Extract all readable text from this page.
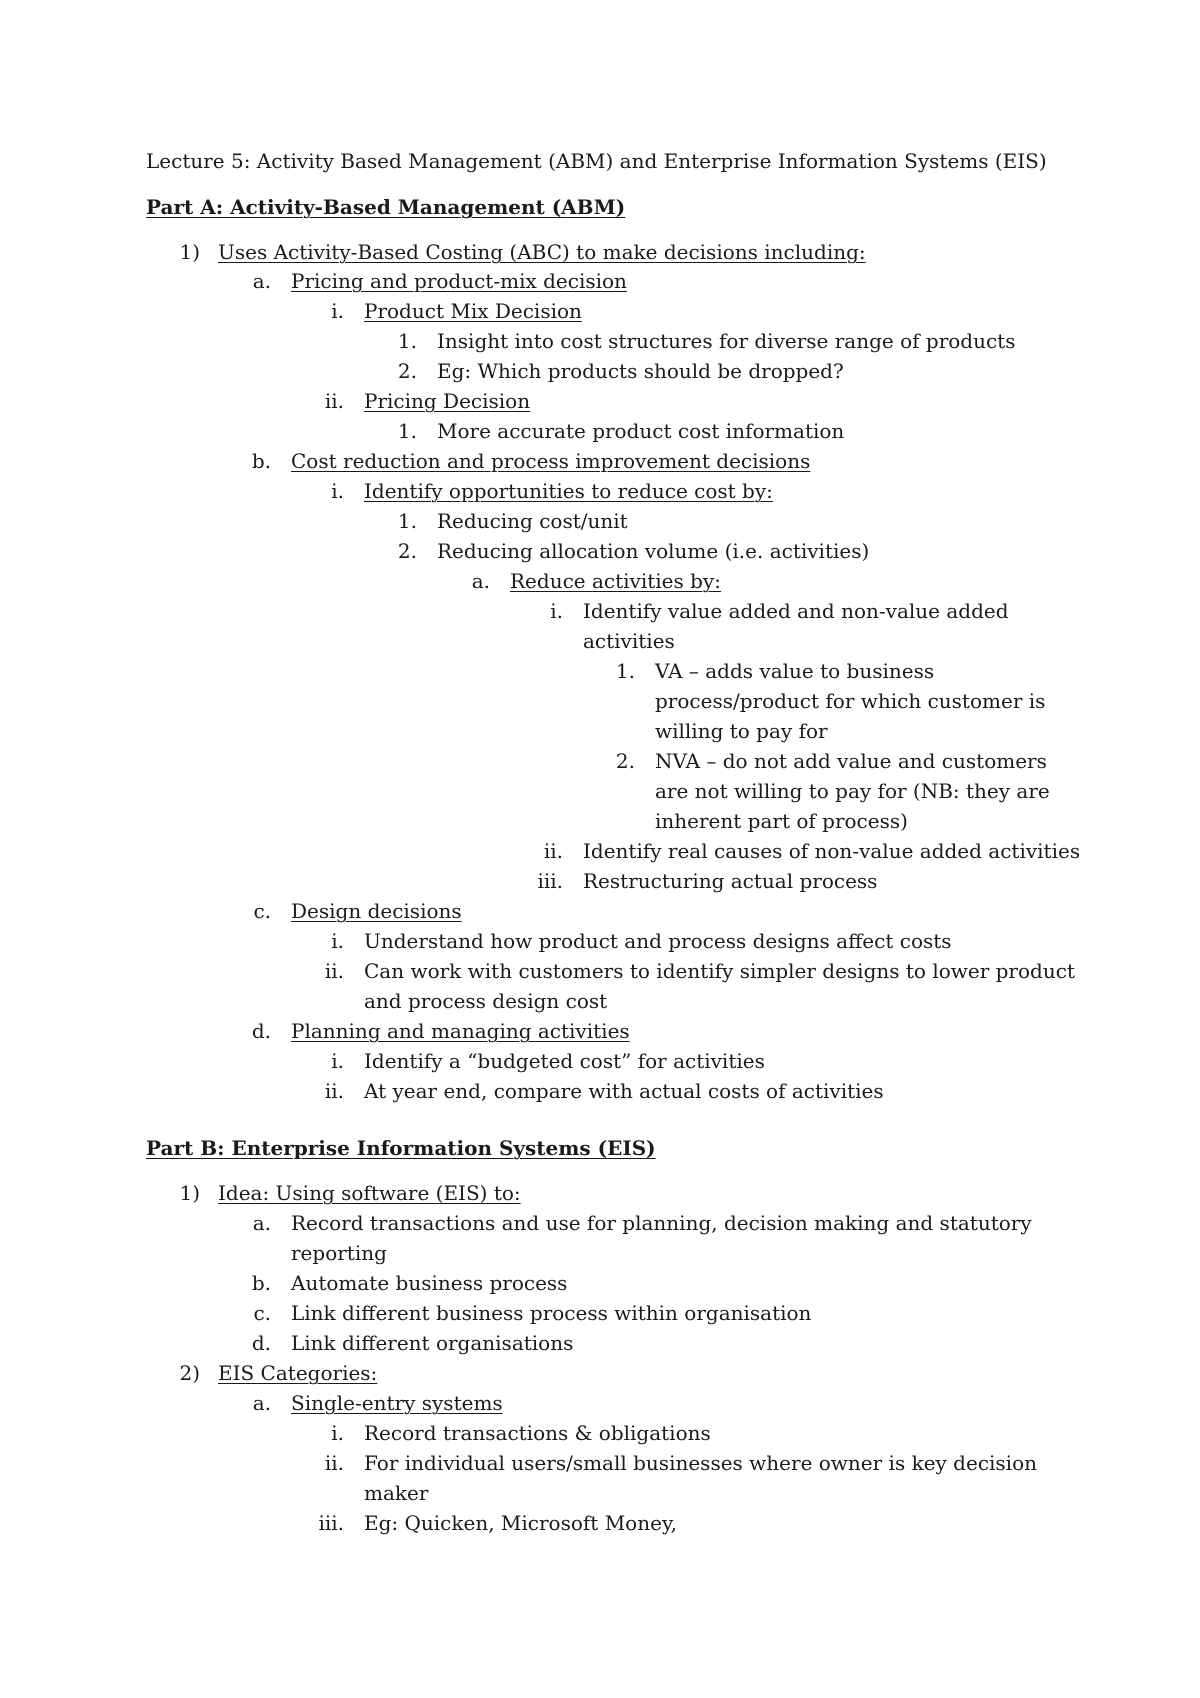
Lecture 5: Activity Based Management (ABM) and Enterprise Information Systems (EIS)
Part A: Activity-Based Management (ABM)
1) Uses Activity-Based Costing (ABC) to make decisions including:
a. Pricing and product-mix decision
i. Product Mix Decision
1. Insight into cost structures for diverse range of products
2. Eg: Which products should be dropped?
ii. Pricing Decision
1. More accurate product cost information
b. Cost reduction and process improvement decisions
i. Identify opportunities to reduce cost by:
1. Reducing cost/unit
2. Reducing allocation volume (i.e. activities)
a. Reduce activities by:
i. Identify value added and non-value added
activities
1. VA – adds value to business
process/product for which customer is
willing to pay for
2. NVA – do not add value and customers
are not willing to pay for (NB: they are
inherent part of process)
ii. Identify real causes of non-value added activities
iii. Restructuring actual process
c. Design decisions
i. Understand how product and process designs affect costs
ii. Can work with customers to identify simpler designs to lower product
and process design cost
d. Planning and managing activities
i. Identify a “budgeted cost” for activities
ii. At year end, compare with actual costs of activities
Part B: Enterprise Information Systems (EIS)
1) Idea: Using software (EIS) to:
a. Record transactions and use for planning, decision making and statutory
reporting
b. Automate business process
c. Link different business process within organisation
d. Link different organisations
2) EIS Categories:
a. Single-entry systems
i. Record transactions & obligations
ii. For individual users/small businesses where owner is key decision
maker
iii. Eg: Quicken, Microsoft Money,
